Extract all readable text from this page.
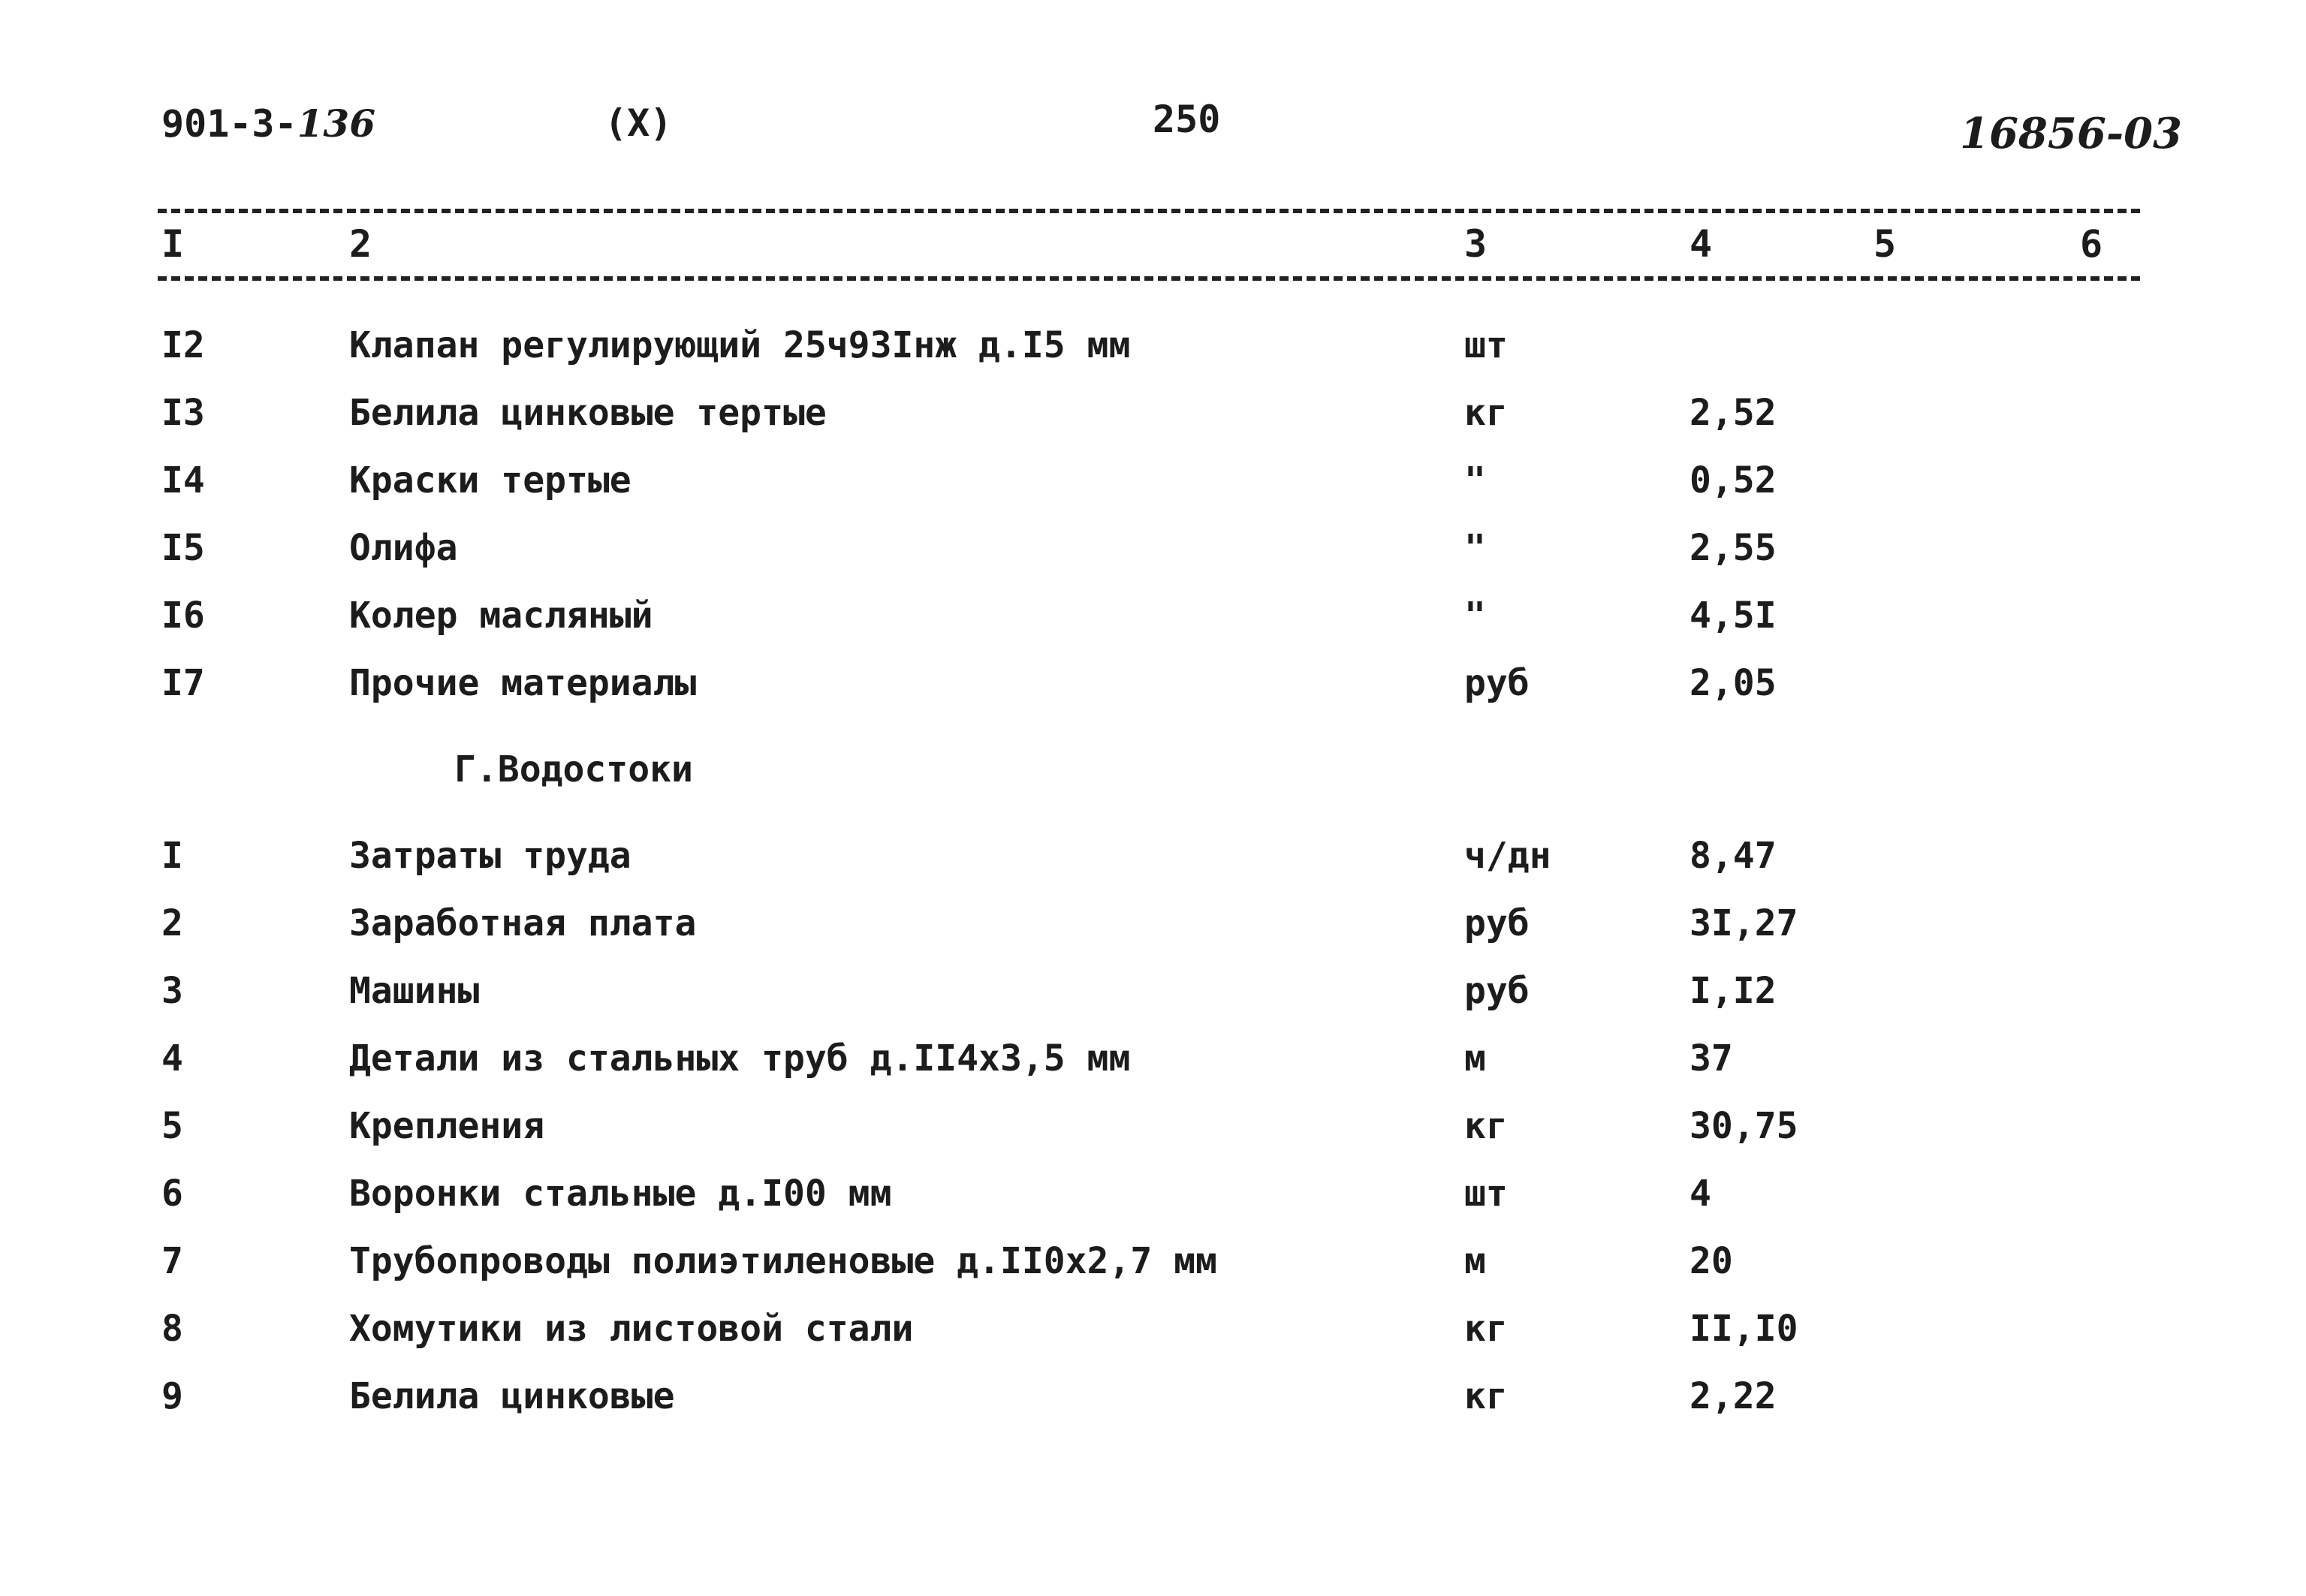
901-3-136	(X)	250	16856-03
I	2	3	4	5	6
I2	Клапан регулирующий 25ч93Iнж д.I5 мм	шт
I3	Белила цинковые тертые	кг	2,52
I4	Краски тертые	"	0,52
I5	Олифа	"	2,55
I6	Колер масляный	"	4,5I
I7	Прочие материалы	руб	2,05
Г.Водостоки
I	Затраты труда	ч/дн	8,47
2	Заработная плата	руб	3I,27
3	Машины	руб	I,I2
4	Детали из стальных труб д.II4х3,5 мм	м	37
5	Крепления	кг	30,75
6	Воронки стальные д.I00 мм	шт	4
7	Трубопроводы полиэтиленовые д.II0х2,7 мм	м	20
8	Хомутики из листовой стали	кг	II,I0
9	Белила цинковые	кг	2,22
